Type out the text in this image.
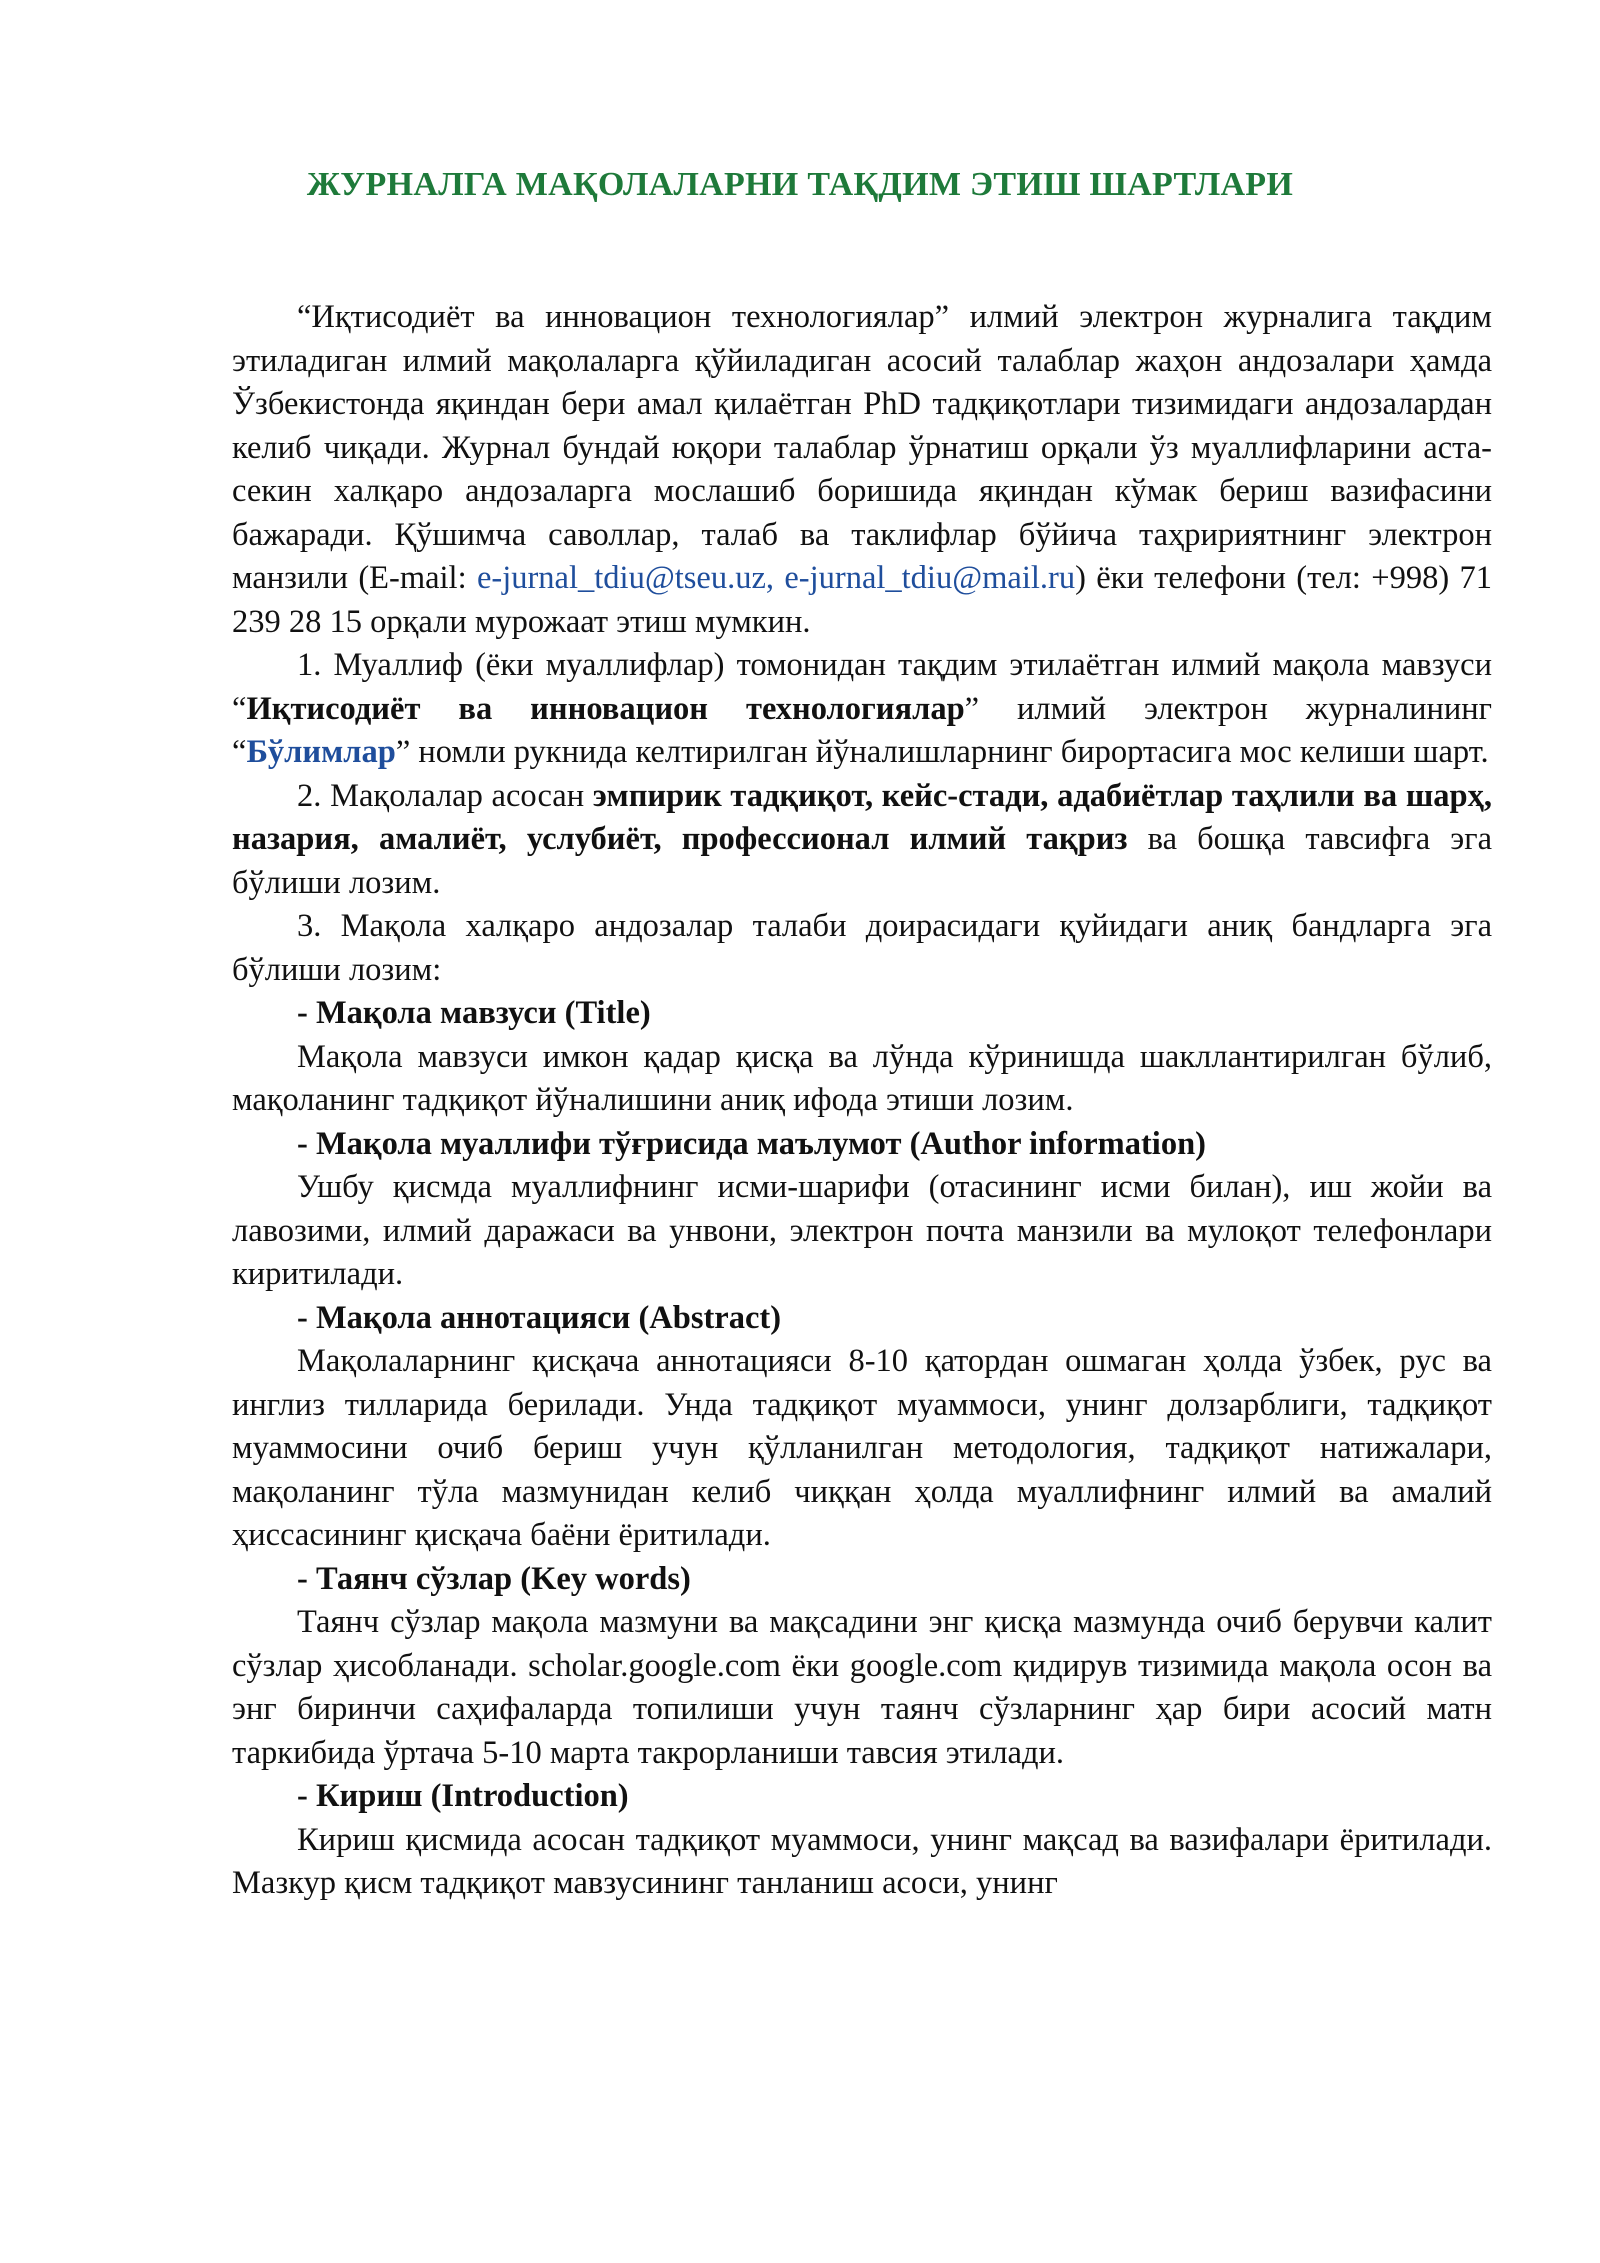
ЖУРНАЛГА МАҚОЛАЛАРНИ ТАҚДИМ ЭТИШ ШАРТЛАРИ

“Иқтисодиёт ва инновацион технологиялар” илмий электрон журналига тақдим этиладиган илмий мақолаларга қўйиладиган асосий талаблар жаҳон андозалари ҳамда Ўзбекистонда яқиндан бери амал қилаётган PhD тадқиқотлари тизимидаги андозалардан келиб чиқади. Журнал бундай юқори талаблар ўрнатиш орқали ўз муаллифларини аста-секин халқаро андозаларга мослашиб боришида яқиндан кўмак бериш вазифасини бажаради. Қўшимча саволлар, талаб ва таклифлар бўйича таҳририятнинг электрон манзили (E-mail: e-jurnal_tdiu@tseu.uz, e-jurnal_tdiu@mail.ru) ёки телефони (тел: +998) 71 239 28 15 орқали мурожаат этиш мумкин.

1. Муаллиф (ёки муаллифлар) томонидан тақдим этилаётган илмий мақола мавзуси “Иқтисодиёт ва инновацион технологиялар” илмий электрон журналининг “Бўлимлар” номли рукнида келтирилган йўналишларнинг бирортасига мос келиши шарт.

2. Мақолалар асосан эмпирик тадқиқот, кейс-стади, адабиётлар таҳлили ва шарҳ, назария, амалиёт, услубиёт, профессионал илмий тақриз ва бошқа тавсифга эга бўлиши лозим.

3. Мақола халқаро андозалар талаби доирасидаги қуйидаги аниқ бандларга эга бўлиши лозим:

- Мақола мавзуси (Title)

Мақола мавзуси имкон қадар қисқа ва лўнда кўринишда шакллантирилган бўлиб, мақоланинг тадқиқот йўналишини аниқ ифода этиши лозим.

- Мақола муаллифи тўғрисида маълумот (Author information)

Ушбу қисмда муаллифнинг исми-шарифи (отасининг исми билан), иш жойи ва лавозими, илмий даражаси ва унвони, электрон почта манзили ва мулоқот телефонлари киритилади.

- Мақола аннотацияси (Abstract)

Мақолаларнинг қисқача аннотацияси 8-10 қатордан ошмаган ҳолда ўзбек, рус ва инглиз тилларида берилади. Унда тадқиқот муаммоси, унинг долзарблиги, тадқиқот муаммосини очиб бериш учун қўлланилган методология, тадқиқот натижалари, мақоланинг тўла мазмунидан келиб чиққан ҳолда муаллифнинг илмий ва амалий ҳиссасининг қисқача баёни ёритилади.

- Таянч сўзлар (Key words)

Таянч сўзлар мақола мазмуни ва мақсадини энг қисқа мазмунда очиб берувчи калит сўзлар ҳисобланади. scholar.google.com ёки google.com қидирув тизимида мақола осон ва энг биринчи саҳифаларда топилиши учун таянч сўзларнинг ҳар бири асосий матн таркибида ўртача 5-10 марта такрорланиши тавсия этилади.

- Кириш (Introduction)

Кириш қисмида асосан тадқиқот муаммоси, унинг мақсад ва вазифалари ёритилади. Мазкур қисм тадқиқот мавзусининг танланиш асоси, унинг
